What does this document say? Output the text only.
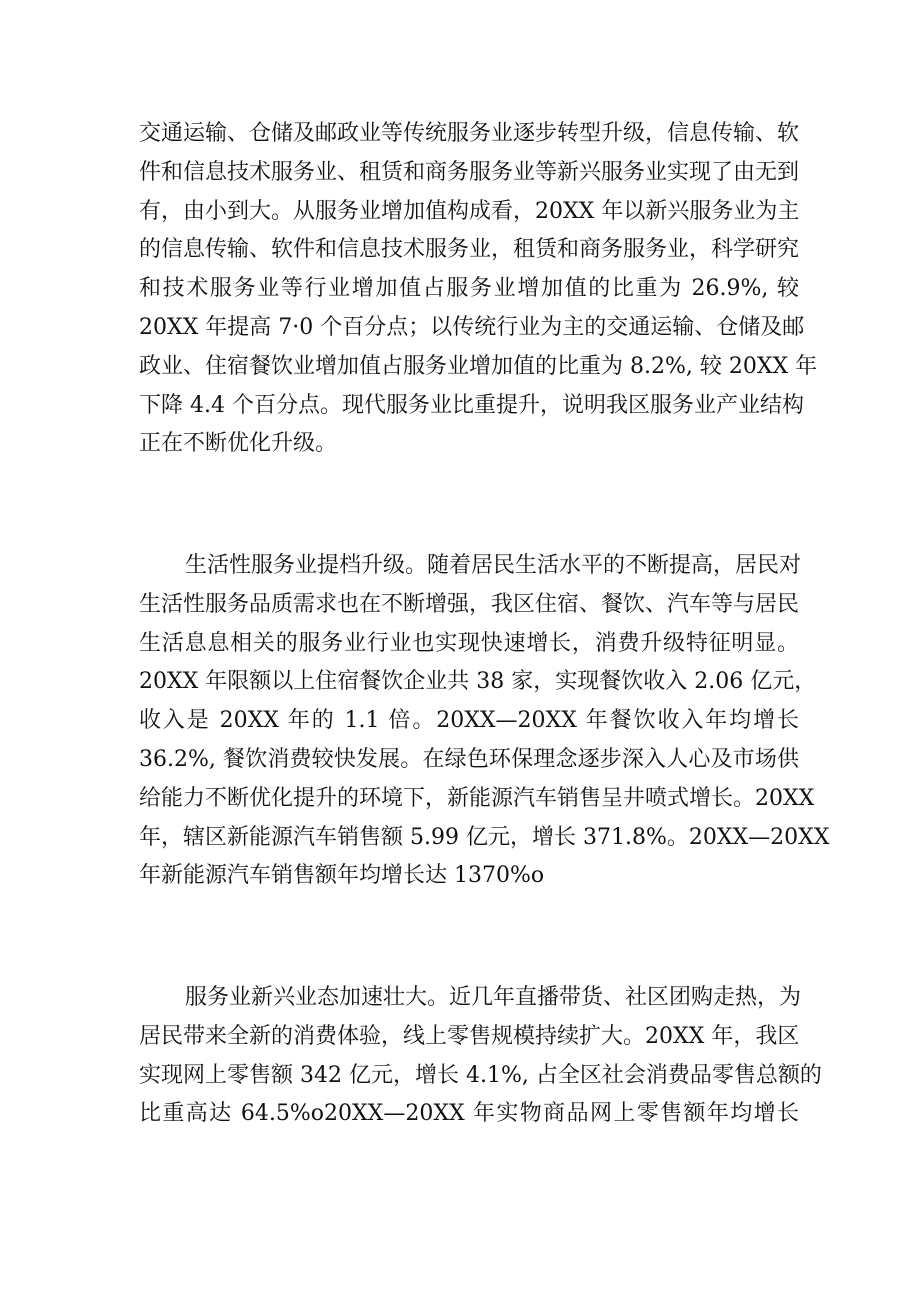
交通运输、仓储及邮政业等传统服务业逐步转型升级，信息传输、软
件和信息技术服务业、租赁和商务服务业等新兴服务业实现了由无到
有，由小到大。从服务业增加值构成看，20XX 年以新兴服务业为主
的信息传输、软件和信息技术服务业，租赁和商务服务业，科学研究
和技术服务业等行业增加值占服务业增加值的比重为 26.9%, 较
20XX 年提高 7·0 个百分点；以传统行业为主的交通运输、仓储及邮
政业、住宿餐饮业增加值占服务业增加值的比重为 8.2%, 较 20XX 年
下降 4.4 个百分点。现代服务业比重提升，说明我区服务业产业结构
正在不断优化升级。
生活性服务业提档升级。随着居民生活水平的不断提高，居民对
生活性服务品质需求也在不断增强，我区住宿、餐饮、汽车等与居民
生活息息相关的服务业行业也实现快速增长，消费升级特征明显。
20XX 年限额以上住宿餐饮企业共 38 家，实现餐饮收入 2.06 亿元，
收入是 20XX 年的 1.1 倍。20XX—20XX 年餐饮收入年均增长
36.2%, 餐饮消费较快发展。在绿色环保理念逐步深入人心及市场供
给能力不断优化提升的环境下，新能源汽车销售呈井喷式增长。20XX
年，辖区新能源汽车销售额 5.99 亿元，增长 371.8%。20XX—20XX
年新能源汽车销售额年均增长达 1370%o
服务业新兴业态加速壮大。近几年直播带货、社区团购走热，为
居民带来全新的消费体验，线上零售规模持续扩大。20XX 年，我区
实现网上零售额 342 亿元，增长 4.1%, 占全区社会消费品零售总额的
比重高达 64.5%o20XX—20XX 年实物商品网上零售额年均增长
